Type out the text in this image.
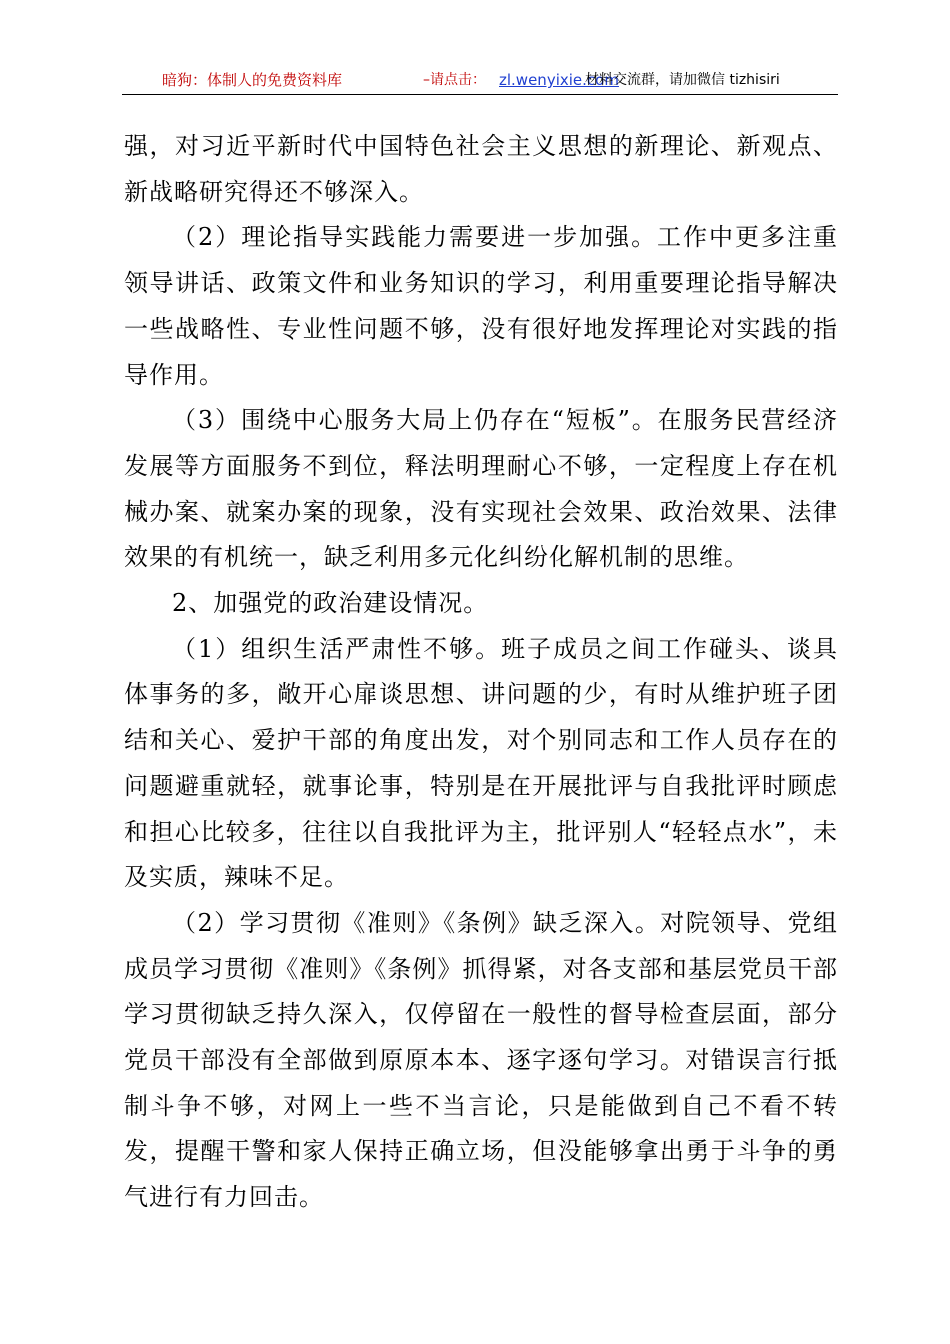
暗狗：体制人的免费资料库	–请点击： zl.wenyixie.com
材料交流群，请加微信 tizhisiri

强，对习近平新时代中国特色社会主义思想的新理论、新观点、新战略研究得还不够深入。

（2）理论指导实践能力需要进一步加强。工作中更多注重领导讲话、政策文件和业务知识的学习，利用重要理论指导解决一些战略性、专业性问题不够，没有很好地发挥理论对实践的指导作用。

（3）围绕中心服务大局上仍存在“短板”。在服务民营经济发展等方面服务不到位，释法明理耐心不够，一定程度上存在机械办案、就案办案的现象，没有实现社会效果、政治效果、法律效果的有机统一，缺乏利用多元化纠纷化解机制的思维。

2、加强党的政治建设情况。

（1）组织生活严肃性不够。班子成员之间工作碰头、谈具体事务的多，敞开心扉谈思想、讲问题的少，有时从维护班子团结和关心、爱护干部的角度出发，对个别同志和工作人员存在的问题避重就轻，就事论事，特别是在开展批评与自我批评时顾虑和担心比较多，往往以自我批评为主，批评别人“轻轻点水”，未及实质，辣味不足。

（2）学习贯彻《准则》《条例》缺乏深入。对院领导、党组成员学习贯彻《准则》《条例》抓得紧，对各支部和基层党员干部学习贯彻缺乏持久深入，仅停留在一般性的督导检查层面，部分党员干部没有全部做到原原本本、逐字逐句学习。对错误言行抵制斗争不够，对网上一些不当言论，只是能做到自己不看不转发，提醒干警和家人保持正确立场，但没能够拿出勇于斗争的勇气进行有力回击。
